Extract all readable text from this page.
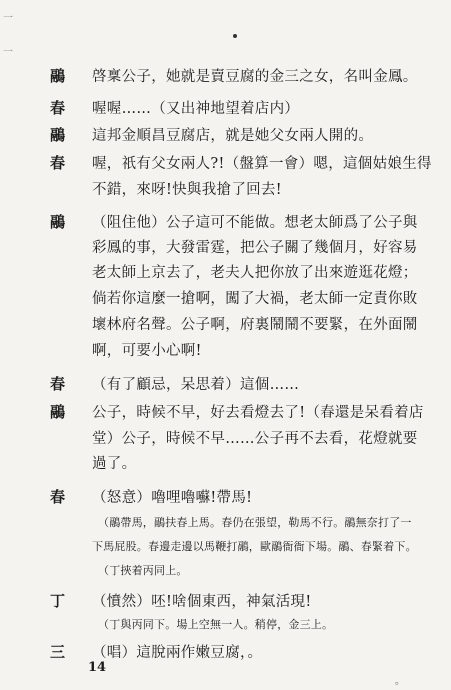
一
一
鷊 啓稟公子，她就是賣豆腐的金三之女，名叫金鳳。
春 喔喔……（又出神地望着店内）
鷊 這邦金順昌豆腐店，就是她父女兩人開的。
春 喔，祇有父女兩人?!（盤算一會）嗯，這個姑娘生得
不錯，來呀!快與我搶了回去!
鷊 （阻住他）公子這可不能做。想老太師爲了公子與
彩鳳的事，大發雷霆，把公子關了幾個月，好容易
老太師上京去了，老夫人把你放了出來遊逛花燈；
倘若你這麼一搶啊，闖了大禍，老太師一定責你敗
壞林府名聲。公子啊，府裏鬧鬧不要緊，在外面鬧
啊，可要小心啊!
春 （有了顧忌，呆思着）這個……
鷊 公子，時候不早，好去看燈去了!（春還是呆看着店
堂）公子，時候不早……公子再不去看，花燈就要
過了。
春 （怒意）嚕哩嚕囌!帶馬!
（鷊帶馬，鷊扶春上馬。春仍在張望，勒馬不行。鷊無奈打了一
下馬屁股。春邊走邊以馬鞭打鷊，歐鷊衙衙下場。鷊、春緊着下。
（丁挾着丙同上。
丁 （憤然）呸!啥個東西，神氣活現!
（丁與丙同下。場上空無一人。稍停，金三上。
三 （唱）這脫兩作嫩豆腐，。
14
。
